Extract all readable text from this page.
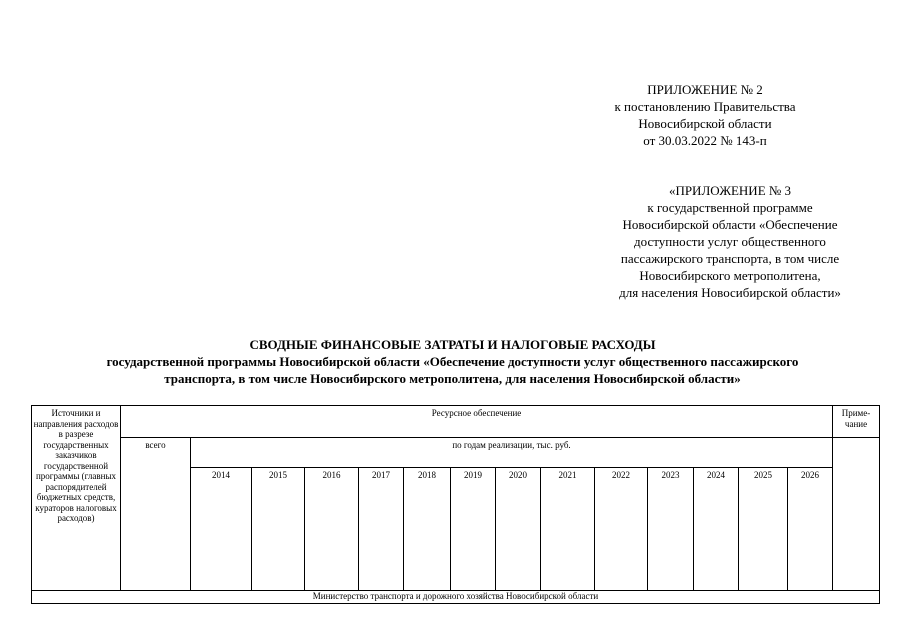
ПРИЛОЖЕНИЕ № 2

к постановлению Правительства

Новосибирской области

от 30.03.2022 № 143-п

«ПРИЛОЖЕНИЕ № 3

к государственной программе

Новосибирской области «Обеспечение

доступности услуг общественного

пассажирского транспорта, в том числе

Новосибирского метрополитена,

для населения Новосибирской области»

СВОДНЫЕ ФИНАНСОВЫЕ ЗАТРАТЫ И НАЛОГОВЫЕ РАСХОДЫ

государственной программы Новосибирской области «Обеспечение доступности услуг общественного пассажирского

транспорта, в том числе Новосибирского метрополитена, для населения Новосибирской области»

Источники и направления расходов в разрезе государственных заказчиков государственной программы (главных распорядителей бюджетных средств, кураторов налоговых расходов)	Ресурсное обеспечение														Приме-чание
	всего	по годам реализации, тыс. руб.													
		2014	2015	2016	2017	2018	2019	2020	2021	2022	2023	2024	2025	2026	
Министерство транспорта и дорожного хозяйства Новосибирской области															
